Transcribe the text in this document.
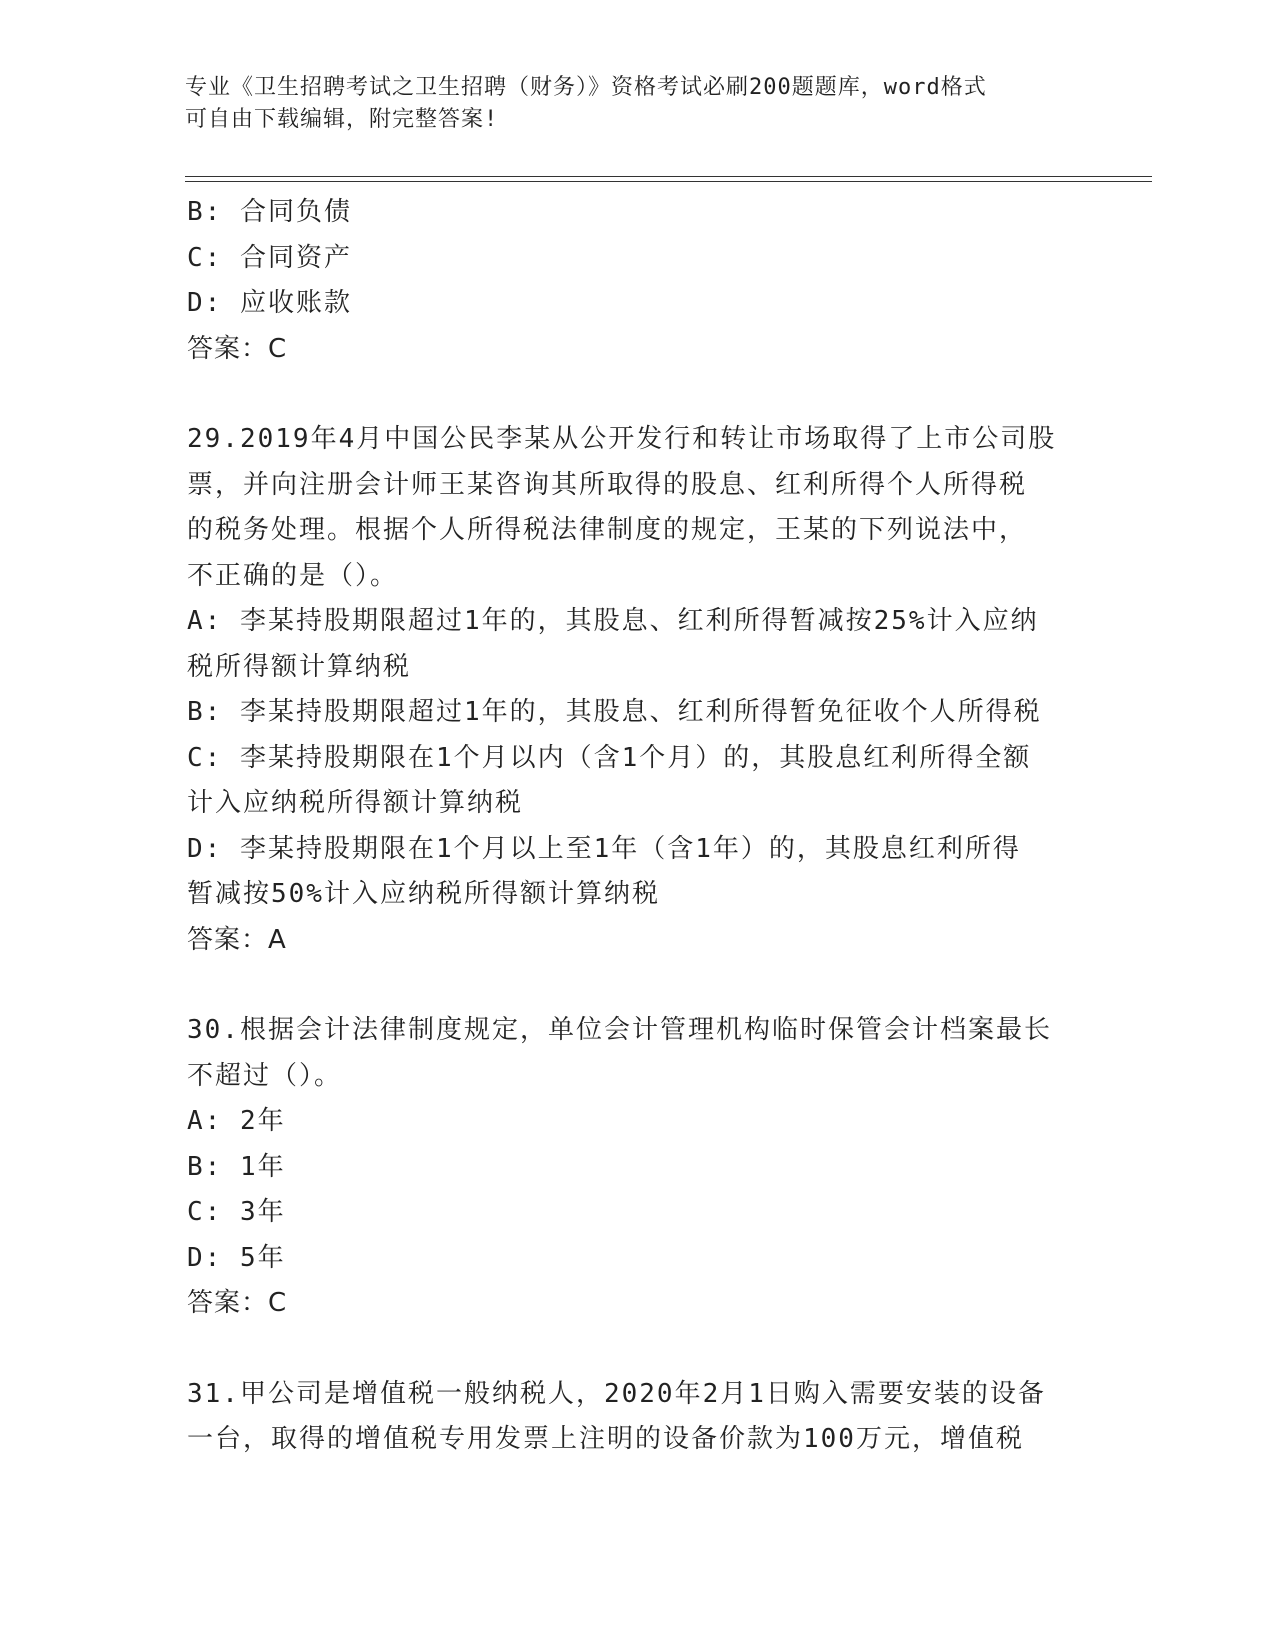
专业《卫生招聘考试之卫生招聘（财务）》资格考试必刷200题题库，word格式
可自由下载编辑，附完整答案!
B: 合同负债
C: 合同资产
D: 应收账款
答案：C
29.2019年4月中国公民李某从公开发行和转让市场取得了上市公司股
票，并向注册会计师王某咨询其所取得的股息、红利所得个人所得税
的税务处理。根据个人所得税法律制度的规定，王某的下列说法中，
不正确的是（）。
A: 李某持股期限超过1年的，其股息、红利所得暂减按25%计入应纳
税所得额计算纳税
B: 李某持股期限超过1年的，其股息、红利所得暂免征收个人所得税
C: 李某持股期限在1个月以内（含1个月）的，其股息红利所得全额
计入应纳税所得额计算纳税
D: 李某持股期限在1个月以上至1年（含1年）的，其股息红利所得
暂减按50%计入应纳税所得额计算纳税
答案：A
30.根据会计法律制度规定，单位会计管理机构临时保管会计档案最长
不超过（）。
A: 2年
B: 1年
C: 3年
D: 5年
答案：C
31.甲公司是增值税一般纳税人，2020年2月1日购入需要安装的设备
一台，取得的增值税专用发票上注明的设备价款为100万元，增值税
